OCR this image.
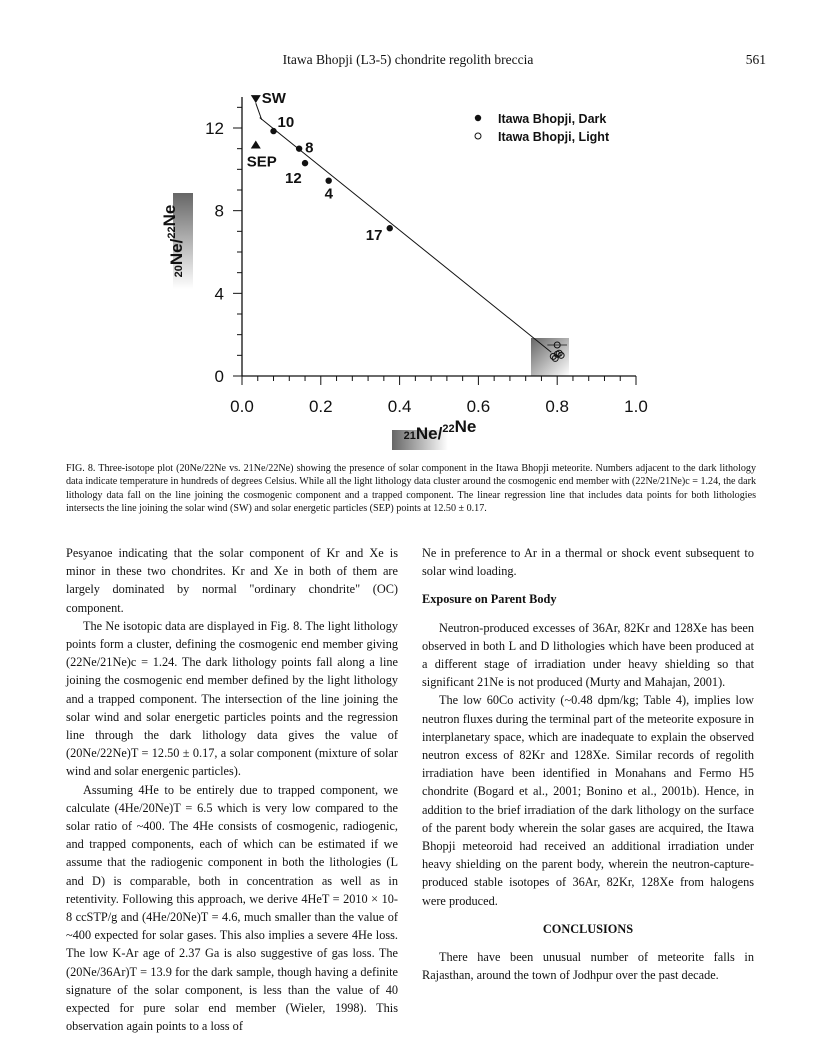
Itawa Bhopji (L3-5) chondrite regolith breccia	561
0.0	0.2	0.4	0.6	0.8	1.0
0
4
8
12
$^{21}$Ne/$^{22}$Ne
$^{20}$Ne/$^{22}$Ne
10
8
12
4
17
SW
SEP
Itawa Bhopji, Dark
Itawa Bhopji, Light

FIG. 8. Three-isotope plot (20Ne/22Ne vs. 21Ne/22Ne) showing the presence of solar component in the Itawa Bhopji meteorite. Numbers adjacent to the dark lithology data indicate temperature in hundreds of degrees Celsius. While all the light lithology data cluster around the cosmogenic end member with (22Ne/21Ne)c = 1.24, the dark lithology data fall on the line joining the cosmogenic component and a trapped component. The linear regression line that includes data points for both lithologies intersects the line joining the solar wind (SW) and solar energetic particles (SEP) points at 12.50 ± 0.17.

Pesyanoe indicating that the solar component of Kr and Xe is minor in these two chondrites. Kr and Xe in both of them are largely dominated by normal "ordinary chondrite" (OC) component.

The Ne isotopic data are displayed in Fig. 8. The light lithology points form a cluster, defining the cosmogenic end member giving (22Ne/21Ne)c = 1.24. The dark lithology points fall along a line joining the cosmogenic end member defined by the light lithology and a trapped component. The intersection of the line joining the solar wind and solar energetic particles points and the regression line through the dark lithology data gives the value of (20Ne/22Ne)T = 12.50 ± 0.17, a solar component (mixture of solar wind and solar energenic particles).

Assuming 4He to be entirely due to trapped component, we calculate (4He/20Ne)T = 6.5 which is very low compared to the solar ratio of ~400. The 4He consists of cosmogenic, radiogenic, and trapped components, each of which can be estimated if we assume that the radiogenic component in both the lithologies (L and D) is comparable, both in concentration as well as in retentivity. Following this approach, we derive 4HeT = 2010 × 10-8 ccSTP/g and (4He/20Ne)T = 4.6, much smaller than the value of ~400 expected for solar gases. This also implies a severe 4He loss. The low K-Ar age of 2.37 Ga is also suggestive of gas loss. The (20Ne/36Ar)T = 13.9 for the dark sample, though having a definite signature of the solar component, is less than the value of 40 expected for pure solar end member (Wieler, 1998). This observation again points to a loss of

Ne in preference to Ar in a thermal or shock event subsequent to solar wind loading.

Exposure on Parent Body

Neutron-produced excesses of 36Ar, 82Kr and 128Xe has been observed in both L and D lithologies which have been produced at a different stage of irradiation under heavy shielding so that significant 21Ne is not produced (Murty and Mahajan, 2001).

The low 60Co activity (~0.48 dpm/kg; Table 4), implies low neutron fluxes during the terminal part of the meteorite exposure in interplanetary space, which are inadequate to explain the observed neutron excess of 82Kr and 128Xe. Similar records of regolith irradiation have been identified in Monahans and Fermo H5 chondrite (Bogard et al., 2001; Bonino et al., 2001b). Hence, in addition to the brief irradiation of the dark lithology on the surface of the parent body wherein the solar gases are acquired, the Itawa Bhopji meteoroid had received an additional irradiation under heavy shielding on the parent body, wherein the neutron-capture-produced stable isotopes of 36Ar, 82Kr, 128Xe from halogens were produced.

CONCLUSIONS

There have been unusual number of meteorite falls in Rajasthan, around the town of Jodhpur over the past decade.
